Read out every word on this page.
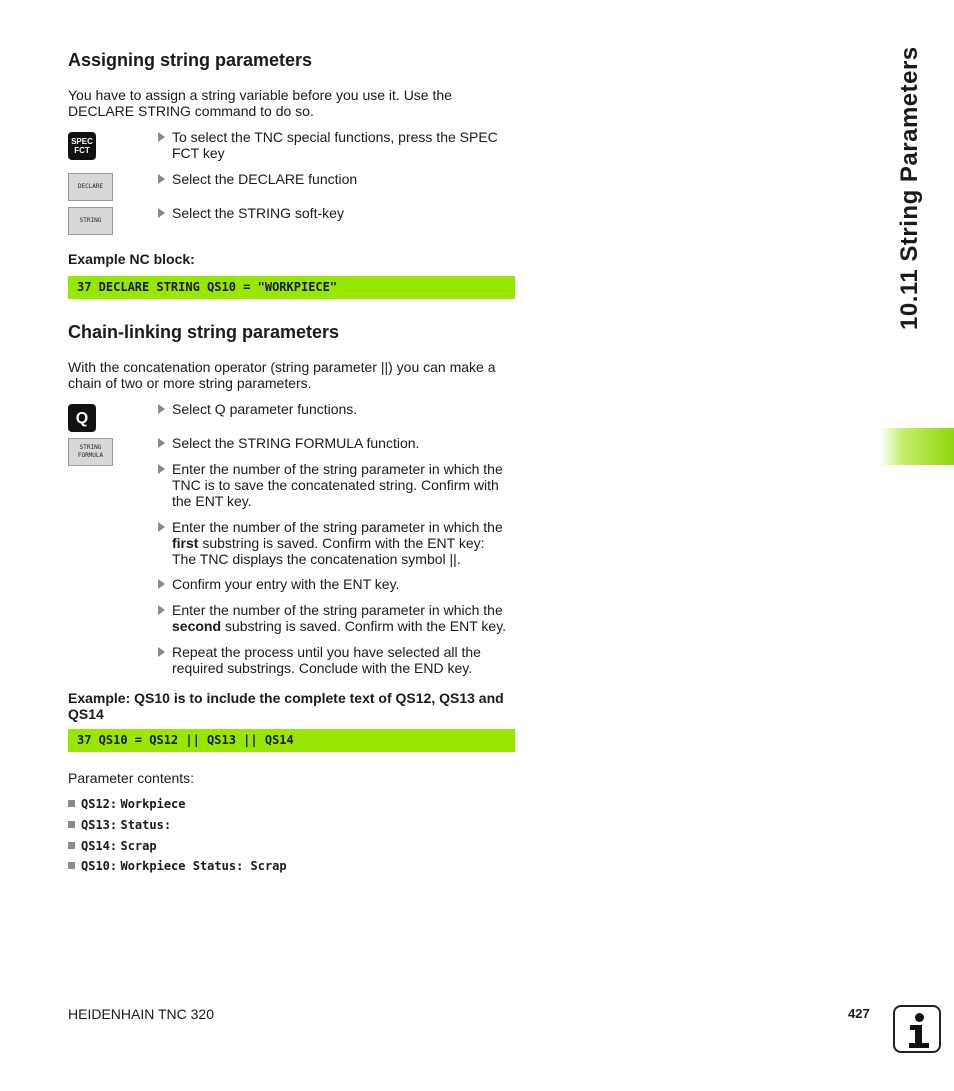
10.11 String Parameters
Assigning string parameters
You have to assign a string variable before you use it. Use the
DECLARE STRING command to do so.
SPEC
FCT
To select the TNC special functions, press the SPEC FCT key
DECLARE	Select the DECLARE function
STRING	Select the STRING soft-key
Example NC block:
37 DECLARE STRING QS10 = "WORKPIECE"
Chain-linking string parameters
With the concatenation operator (string parameter ||) you can make a
chain of two or more string parameters.
Q
Select Q parameter functions.
STRING
FORMULA
Select the STRING FORMULA function.
Enter the number of the string parameter in which the TNC is to save the concatenated string. Confirm with the ENT key.
Enter the number of the string parameter in which the first substring is saved. Confirm with the ENT key: The TNC displays the concatenation symbol ||.
Confirm your entry with the ENT key.
Enter the number of the string parameter in which the second substring is saved. Confirm with the ENT key.
Repeat the process until you have selected all the required substrings. Conclude with the END key.
Example: QS10 is to include the complete text of QS12, QS13 and QS14
37 QS10 = QS12 || QS13 || QS14
Parameter contents:
QS12: Workpiece
QS13: Status:
QS14: Scrap
QS10: Workpiece Status: Scrap
HEIDENHAIN TNC 320	427
